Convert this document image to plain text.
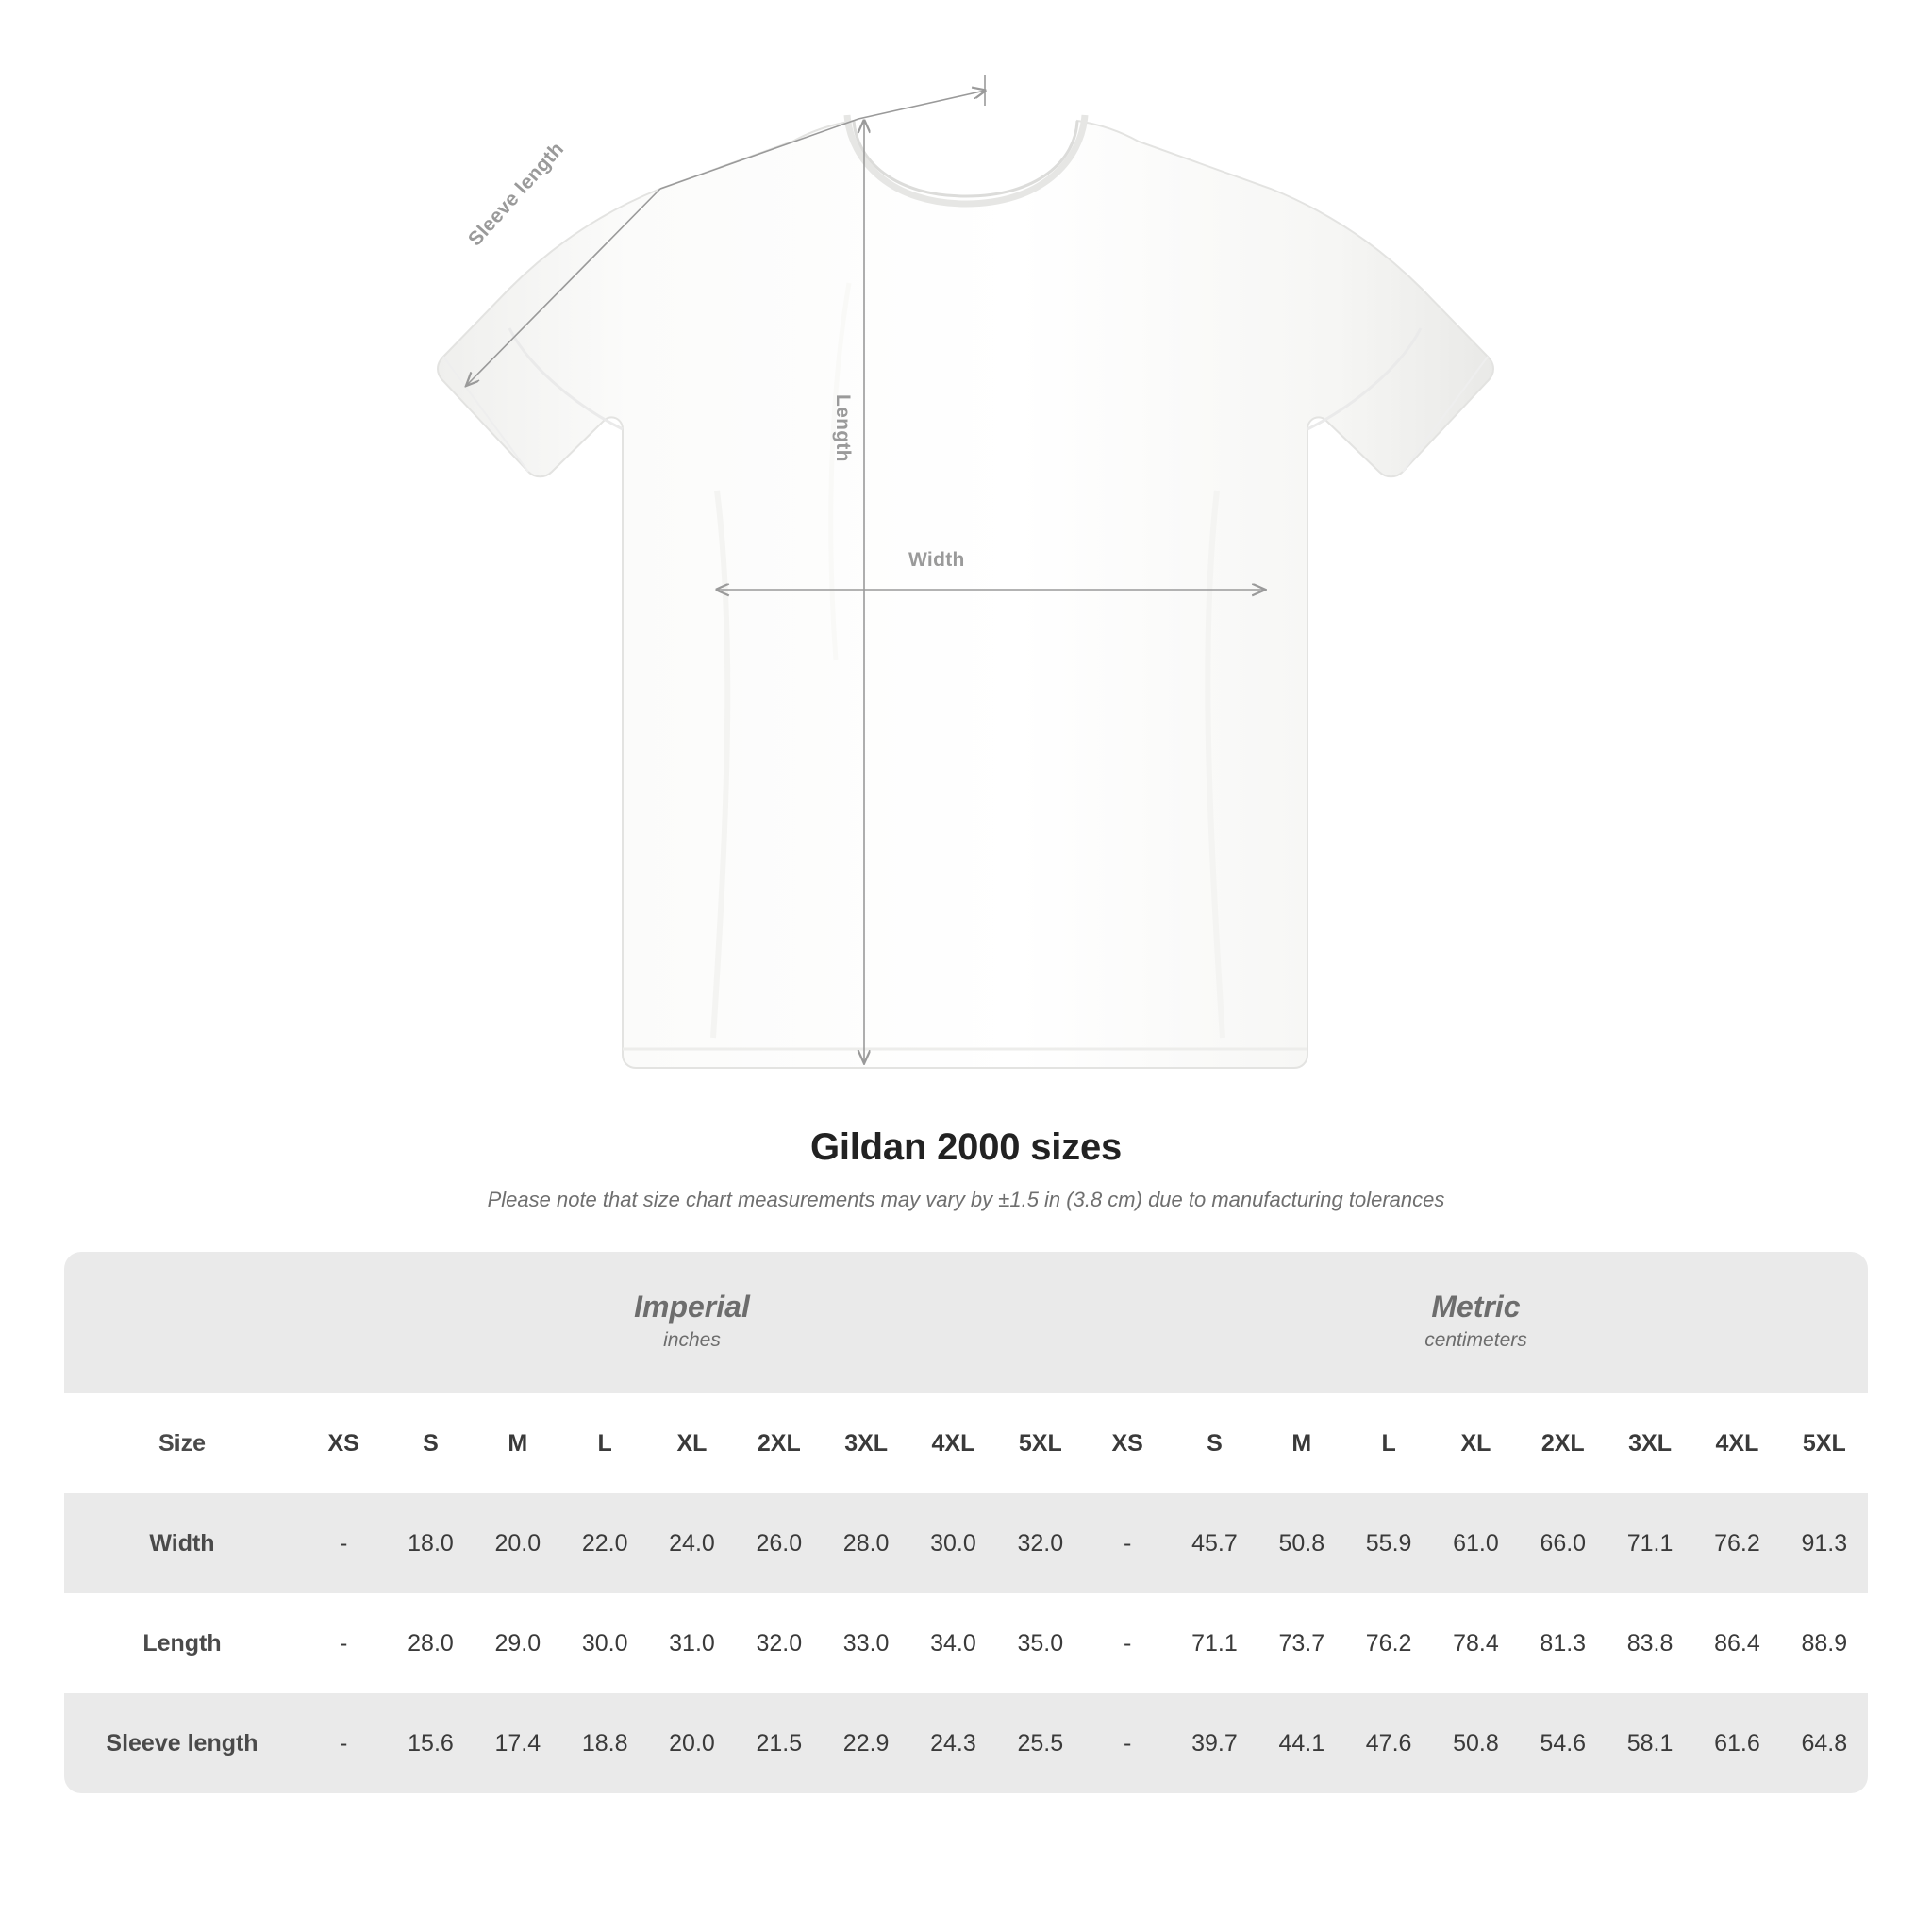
Sleeve length
Length
Width
Gildan 2000 sizes

Please note that size chart measurements may vary by ±1.5 in (3.8 cm) due to manufacturing tolerances

Imperial
inches

Metric
centimeters

Size	XS	S	M	L	XL	2XL	3XL	4XL	5XL	XS	S	M	L	XL	2XL	3XL	4XL	5XL
Width	-	18.0	20.0	22.0	24.0	26.0	28.0	30.0	32.0	-	45.7	50.8	55.9	61.0	66.0	71.1	76.2	91.3
Length	-	28.0	29.0	30.0	31.0	32.0	33.0	34.0	35.0	-	71.1	73.7	76.2	78.4	81.3	83.8	86.4	88.9
Sleeve length	-	15.6	17.4	18.8	20.0	21.5	22.9	24.3	25.5	-	39.7	44.1	47.6	50.8	54.6	58.1	61.6	64.8
